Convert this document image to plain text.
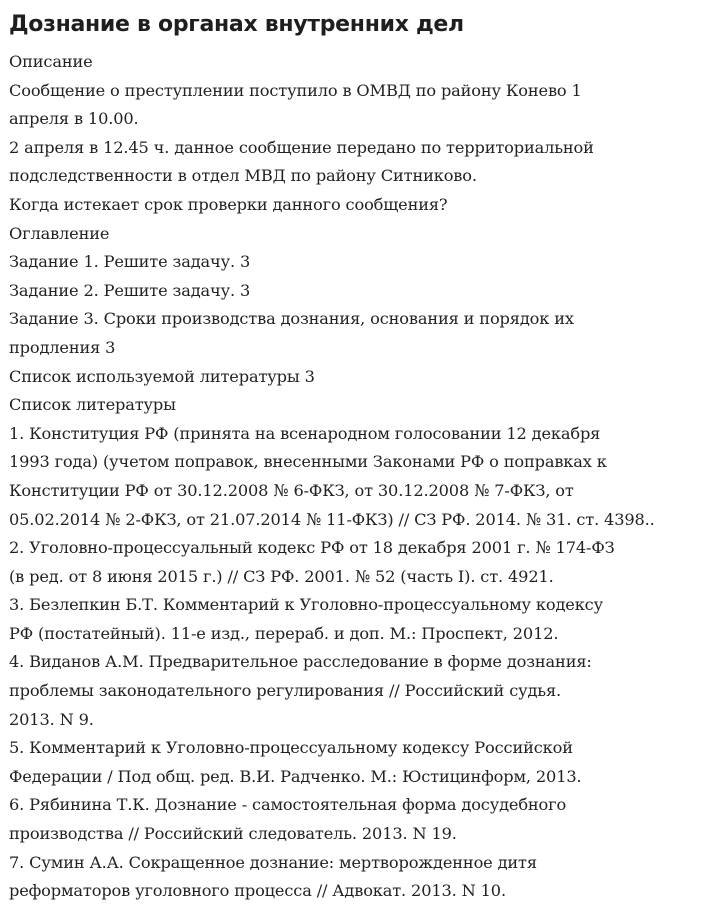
Дознание в органах внутренних дел

Описание

Сообщение о преступлении поступило в ОМВД по району Конево 1

апреля в 10.00.

2 апреля в 12.45 ч. данное сообщение передано по территориальной

подследственности в отдел МВД по району Ситниково.

Когда истекает срок проверки данного сообщения?

Оглавление

Задание 1. Решите задачу. 3

Задание 2. Решите задачу. 3

Задание 3. Сроки производства дознания, основания и порядок их

продления 3

Список используемой литературы 3

Список литературы

1. Конституция РФ (принята на всенародном голосовании 12 декабря

1993 года) (учетом поправок, внесенными Законами РФ о поправках к

Конституции РФ от 30.12.2008 № 6-ФКЗ, от 30.12.2008 № 7-ФКЗ, от

05.02.2014 № 2-ФКЗ, от 21.07.2014 № 11-ФКЗ) // СЗ РФ. 2014. № 31. ст. 4398..

2. Уголовно-процессуальный кодекс РФ от 18 декабря 2001 г. № 174-ФЗ

(в ред. от 8 июня 2015 г.) // СЗ РФ. 2001. № 52 (часть I). ст. 4921.

3. Безлепкин Б.Т. Комментарий к Уголовно-процессуальному кодексу

РФ (постатейный). 11-е изд., перераб. и доп. М.: Проспект, 2012.

4. Виданов А.М. Предварительное расследование в форме дознания:

проблемы законодательного регулирования // Российский судья.

2013. N 9.

5. Комментарий к Уголовно-процессуальному кодексу Российской

Федерации / Под общ. ред. В.И. Радченко. М.: Юстицинформ, 2013.

6. Рябинина Т.К. Дознание - самостоятельная форма досудебного

производства // Российский следователь. 2013. N 19.

7. Сумин А.А. Сокращенное дознание: мертворожденное дитя

реформаторов уголовного процесса // Адвокат. 2013. N 10.
